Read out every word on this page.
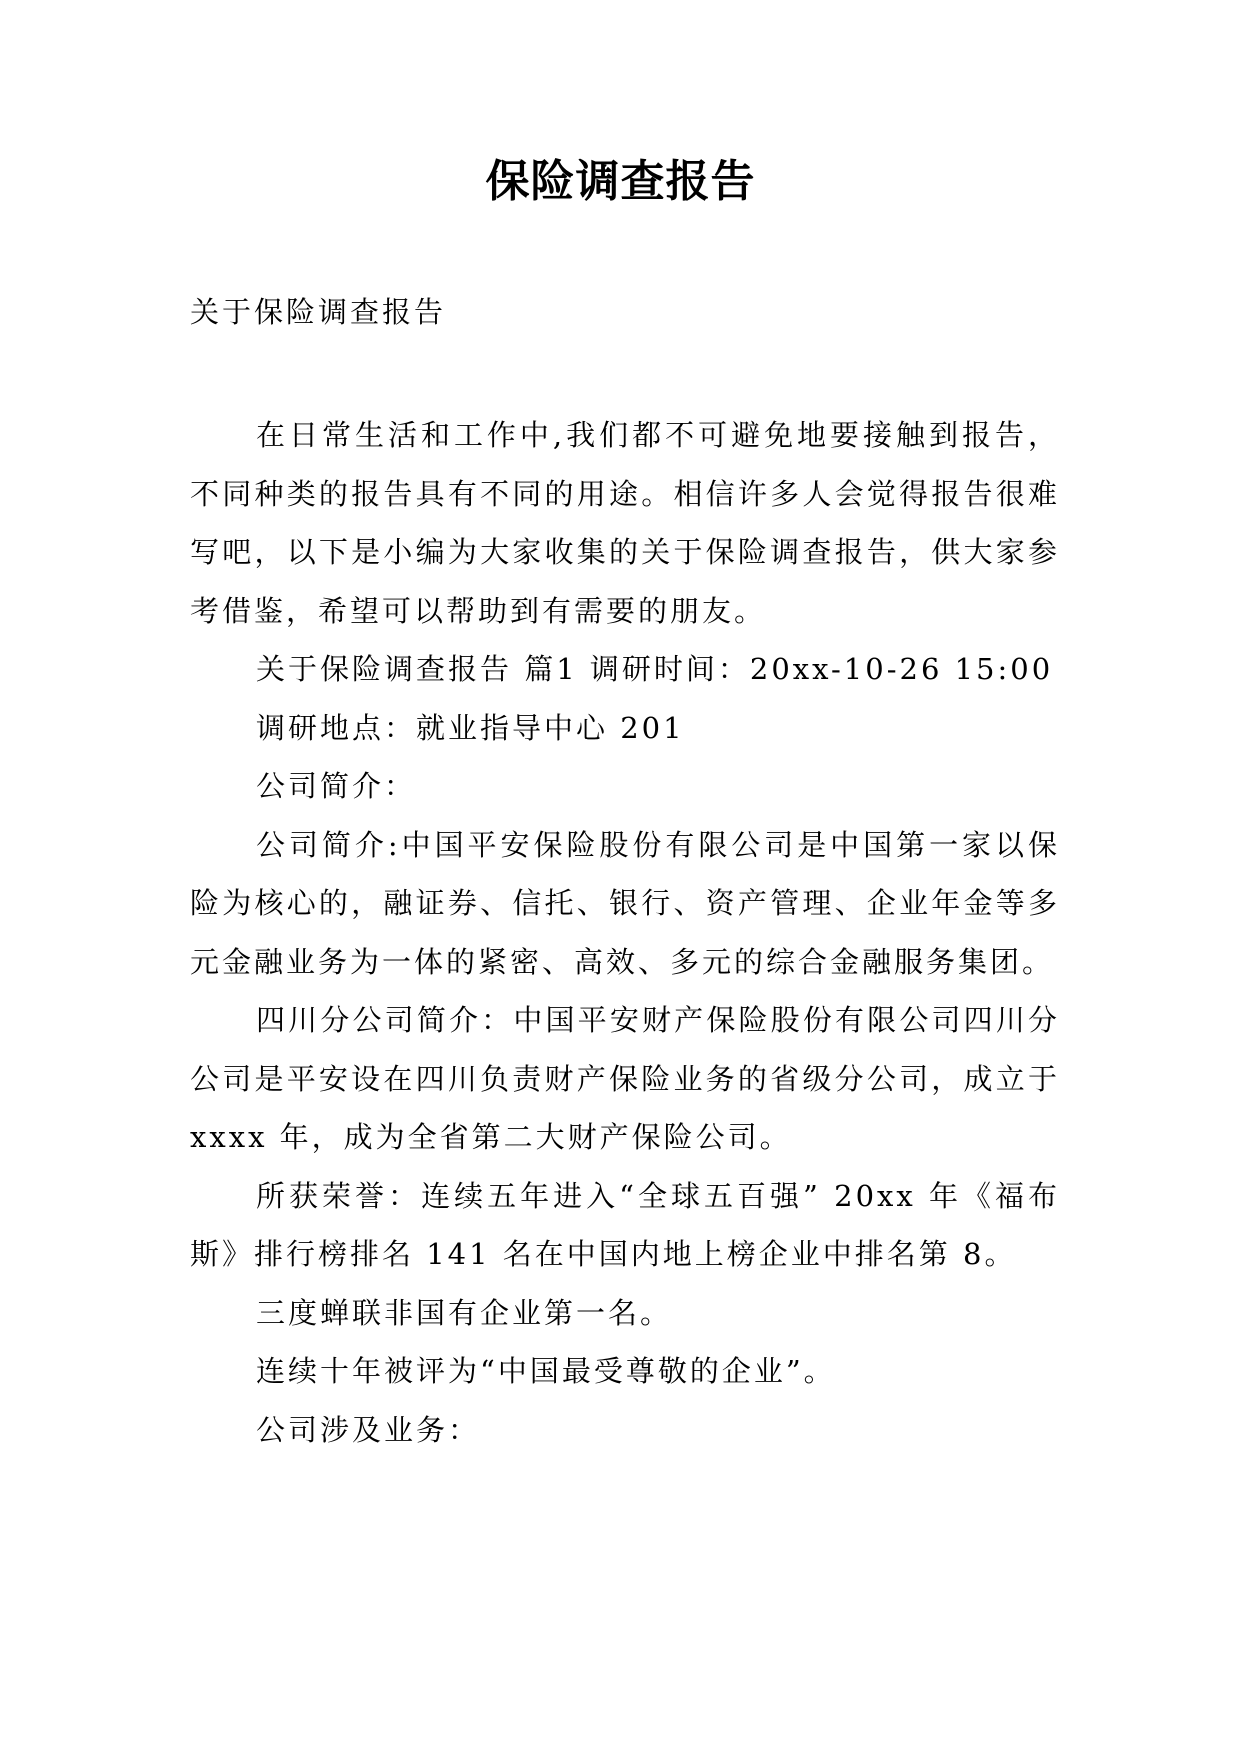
保险调查报告
关于保险调查报告

在日常生活和工作中,我们都不可避免地要接触到报告，不同种类的报告具有不同的用途。相信许多人会觉得报告很难写吧，以下是小编为大家收集的关于保险调查报告，供大家参考借鉴，希望可以帮助到有需要的朋友。

关于保险调查报告 篇1 调研时间：20xx-10-26 15:00

调研地点：就业指导中心 201

公司简介：

公司简介:中国平安保险股份有限公司是中国第一家以保险为核心的，融证券、信托、银行、资产管理、企业年金等多元金融业务为一体的紧密、高效、多元的综合金融服务集团。

四川分公司简介：中国平安财产保险股份有限公司四川分公司是平安设在四川负责财产保险业务的省级分公司，成立于 xxxx 年，成为全省第二大财产保险公司。

所获荣誉：连续五年进入“全球五百强” 20xx 年《福布斯》排行榜排名 141 名在中国内地上榜企业中排名第 8。

三度蝉联非国有企业第一名。

连续十年被评为“中国最受尊敬的企业”。

公司涉及业务：
